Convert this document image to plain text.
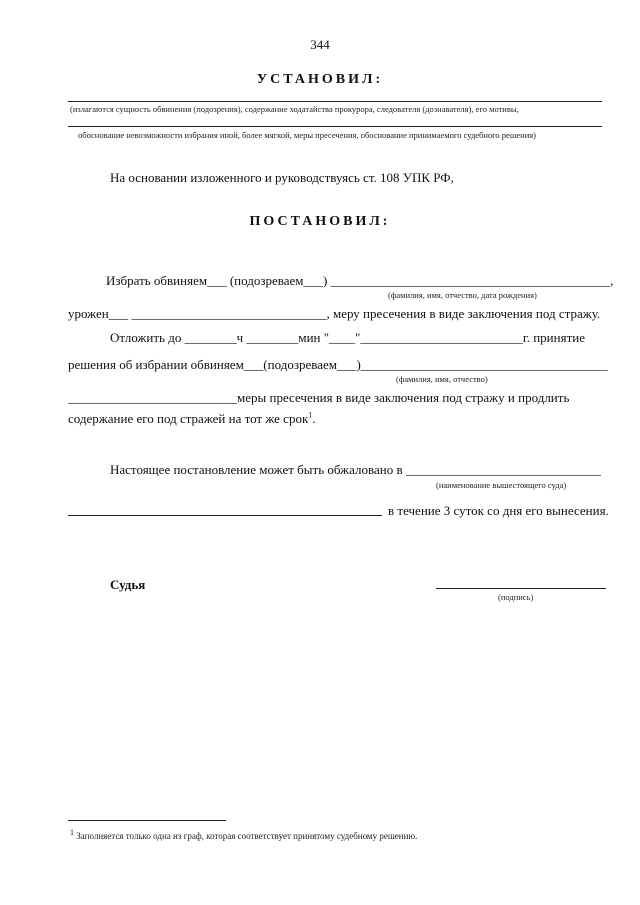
344
УСТАНОВИЛ:
(излагаются сущность обвинения (подозрения), содержание ходатайства прокурора, следователя (дознавателя), его мотивы,
обоснование невозможности избрания иной, более мягкой, меры пресечения, обоснование принимаемого судебного решения)
На основании изложенного и руководствуясь ст. 108 УПК РФ,
ПОСТАНОВИЛ:
Избрать обвиняем___ (подозреваем___) ___________________________________________,
(фамилия, имя, отчество, дата рождения)
урожен___ ______________________________, меру пресечения в виде заключения под стражу.
Отложить до ________ч ________мин "____"_________________________г. принятие
решения об избрании обвиняем___(подозреваем___)______________________________________
(фамилия, имя, отчество)
__________________________меры пресечения в виде заключения под стражу и продлить
содержание его под стражей на тот же срок$^1$.
Настоящее постановление может быть обжаловано в ______________________________
(наименование вышестоящего суда)
в течение 3 суток со дня его вынесения.
Судья
(подпись)
1 Заполняется только одна из граф, которая соответствует принятому судебному решению.
